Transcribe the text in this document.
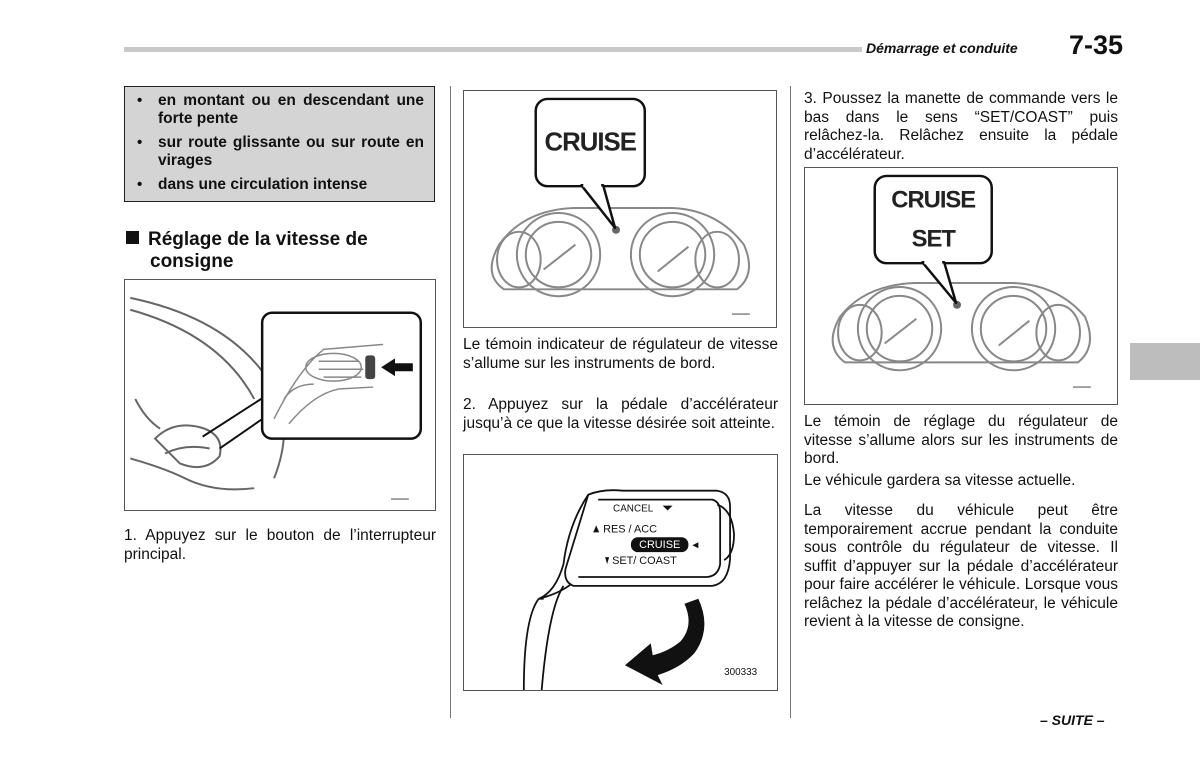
Démarrage et conduite 7-35
• en montant ou en descendant une forte pente
• sur route glissante ou sur route en virages
• dans une circulation intense
Réglage de la vitesse de
consigne
▬▬▬
1. Appuyez sur le bouton de l’interrupteur principal.
CRUISE
▬▬▬
Le témoin indicateur de régulateur de vitesse s’allume sur les instruments de bord.
2. Appuyez sur la pédale d’accélérateur jusqu’à ce que la vitesse désirée soit atteinte.
CANCEL
RES / ACC
CRUISE
SET/ COAST
300333
3. Poussez la manette de commande vers le bas dans le sens “SET/COAST” puis relâchez-la. Relâchez ensuite la pédale d’accélérateur.
CRUISE
SET
▬▬▬
Le témoin de réglage du régulateur de vitesse s’allume alors sur les instruments de bord.
Le véhicule gardera sa vitesse actuelle.
La vitesse du véhicule peut être temporairement accrue pendant la conduite sous contrôle du régulateur de vitesse. Il suffit d’appuyer sur la pédale d’accélérateur pour faire accélérer le véhicule. Lorsque vous relâchez la pédale d’accélérateur, le véhicule revient à la vitesse de consigne.
– SUITE –
